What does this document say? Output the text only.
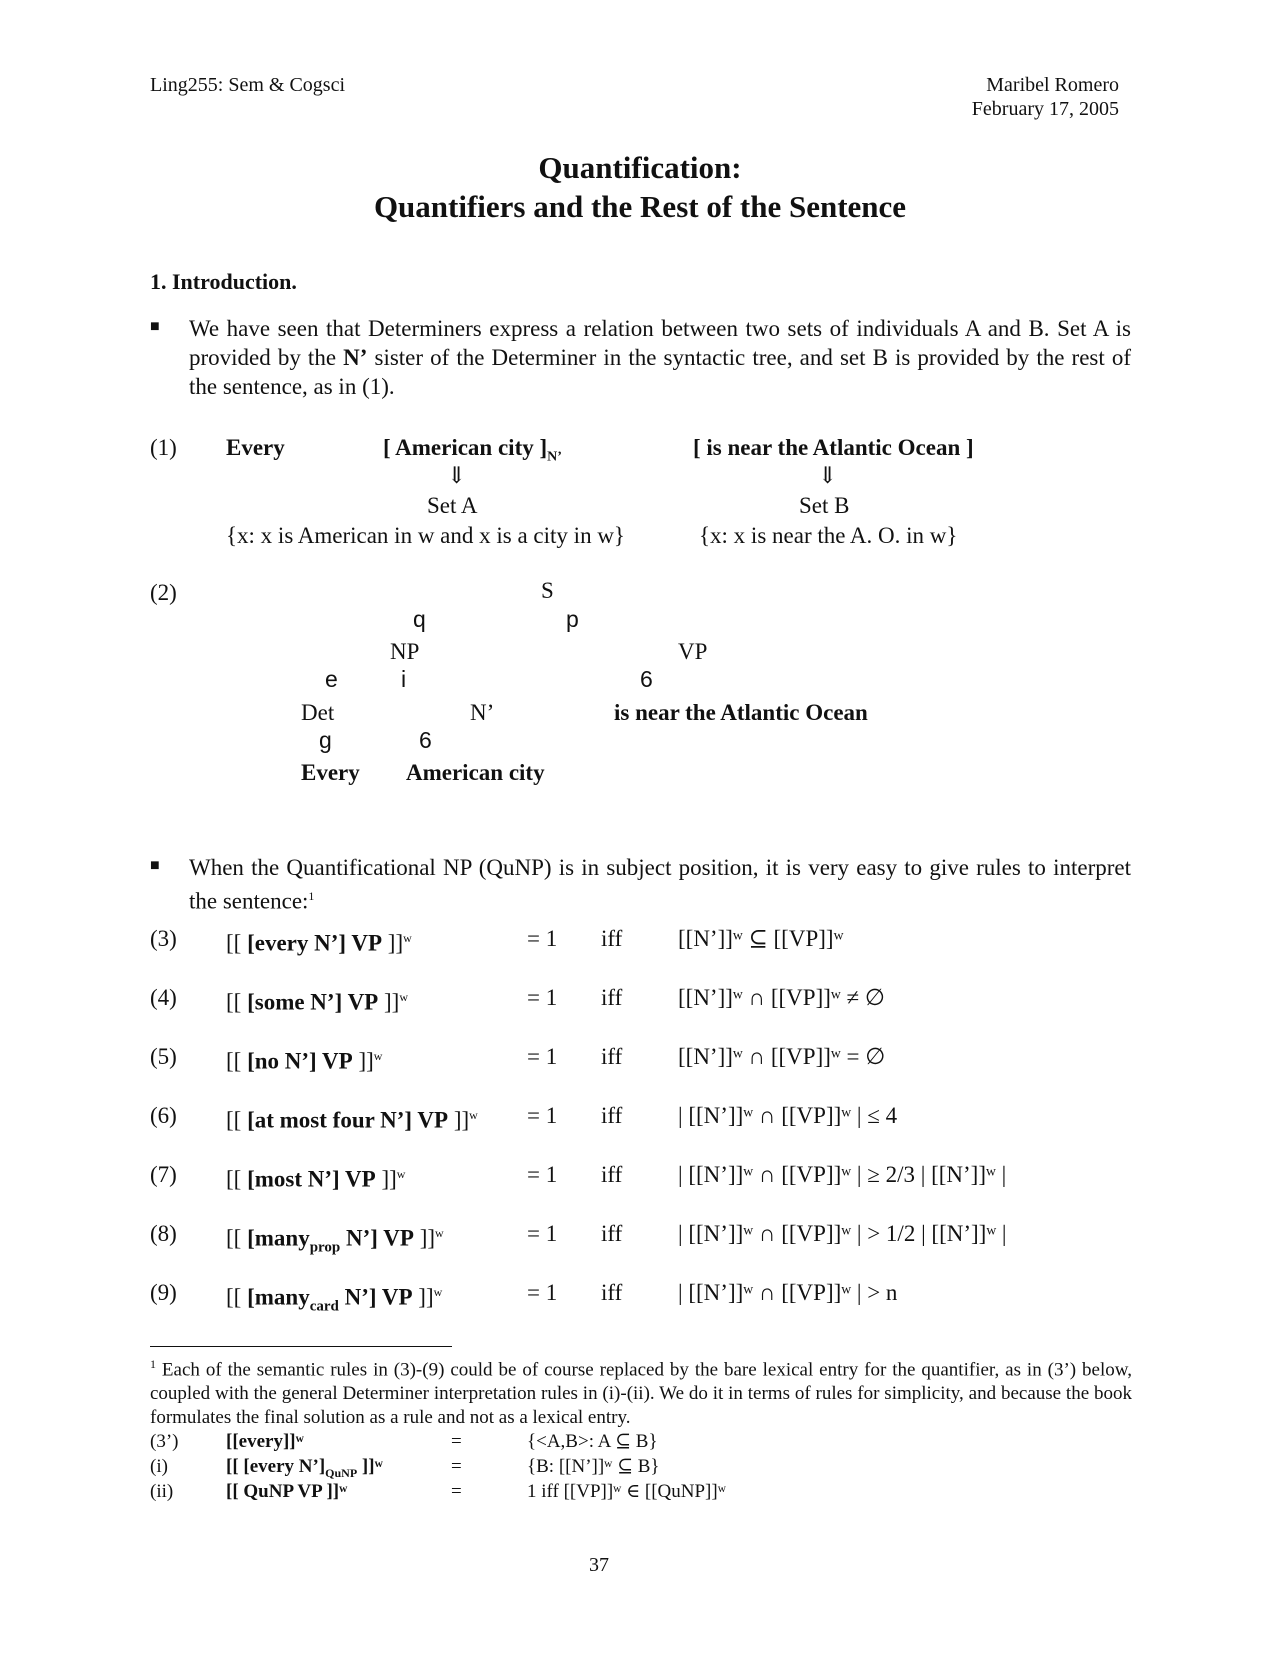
Ling255: Sem & Cogsci	Maribel Romero
February 17, 2005
Quantification:
Quantifiers and the Rest of the Sentence
1. Introduction.
■ We have seen that Determiners express a relation between two sets of individuals A and B. Set A is provided by the N’ sister of the Determiner in the syntactic tree, and set B is provided by the rest of the sentence, as in (1).
(1) Every	[ American city ]$_{N’}$	[ is near the Atlantic Ocean ]
⇓	⇓
Set A	Set B
{x: x is American in w and x is a city in w}	{x: x is near the A. O. in w}
(2)	S
q	p
NP	VP
e	i	6
Det	N’	is near the Atlantic Ocean
g	6
Every American city
■ When the Quantificational NP (QuNP) is in subject position, it is very easy to give rules to interpret the sentence:$^1$
(3) [[ [every N’] VP ]]$^w$	= 1 iff [[N’]]ʷ ⊆ [[VP]]ʷ
(4) [[ [some N’] VP ]]$^w$	= 1 iff [[N’]]ʷ ∩ [[VP]]ʷ ≠ ∅
(5) [[ [no N’] VP ]]$^w$	= 1 iff [[N’]]ʷ ∩ [[VP]]ʷ = ∅
(6) [[ [at most four N’] VP ]]$^w$ = 1 iff | [[N’]]ʷ ∩ [[VP]]ʷ | ≤ 4
(7) [[ [most N’] VP ]]$^w$	= 1 iff | [[N’]]ʷ ∩ [[VP]]ʷ | ≥ 2/3 | [[N’]]ʷ |
(8) [[ [many$_{prop}$ N’] VP ]]$^w$	= 1 iff | [[N’]]ʷ ∩ [[VP]]ʷ | > 1/2 | [[N’]]ʷ |
(9) [[ [many$_{card}$ N’] VP ]]$^w$	= 1 iff | [[N’]]ʷ ∩ [[VP]]ʷ | > n
$^1$ Each of the semantic rules in (3)-(9) could be of course replaced by the bare lexical entry for the quantifier, as in (3’) below, coupled with the general Determiner interpretation rules in (i)-(ii). We do it in terms of rules for simplicity, and because the book formulates the final solution as a rule and not as a lexical entry.
(3’)	[[every]]ʷ	=	{<A,B>: A ⊆ B}
(i)	[[ [every $N’]_{QuNP}$ ]]ʷ	=	{B: [[N’]]ʷ ⊆ B}
(ii)	[[ QuNP VP ]]ʷ	=	1 iff [[VP]]ʷ ∈ [[QuNP]]ʷ
37
